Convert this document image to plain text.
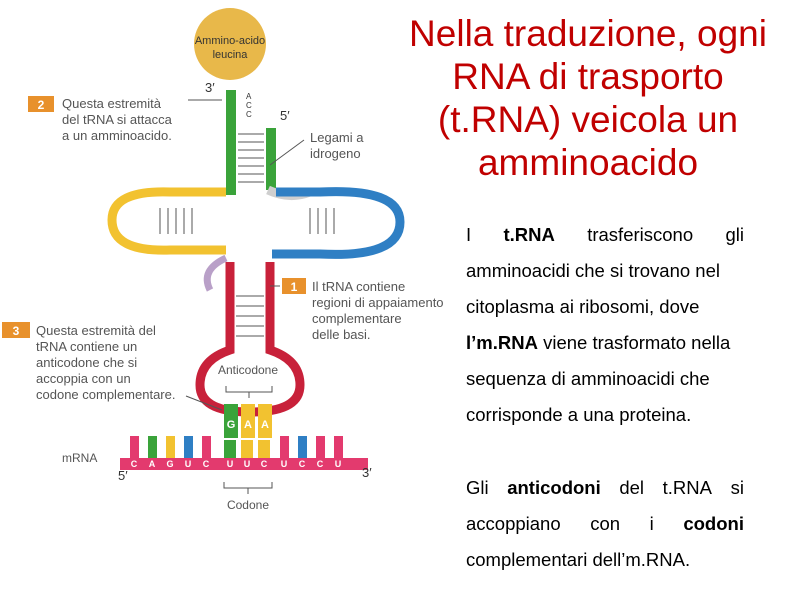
Ammino-acido
leucina
G A A
Anticodone
C A G U C U U C U C C U
mRNA
5′	3′
Codone
3′
5′
A
C
C
Legami a
idrogeno
2 Questa estremità
del tRNA si attacca
a un amminoacido.
1 Il tRNA contiene
regioni di appaiamento
complementare
delle basi.
3 Questa estremità del
tRNA contiene un
anticodone che si
accoppia con un
codone complementare.
Nella traduzione, ogni
RNA di trasporto
(t.RNA) veicola un
amminoacido
I t.RNA trasferiscono gli
amminoacidi che si trovano nel
citoplasma ai ribosomi, dove
l’m.RNA viene trasformato nella
sequenza di amminoacidi che
corrisponde a una proteina.
Gli anticodoni del t.RNA si
accoppiano con i codoni
complementari dell’m.RNA.
